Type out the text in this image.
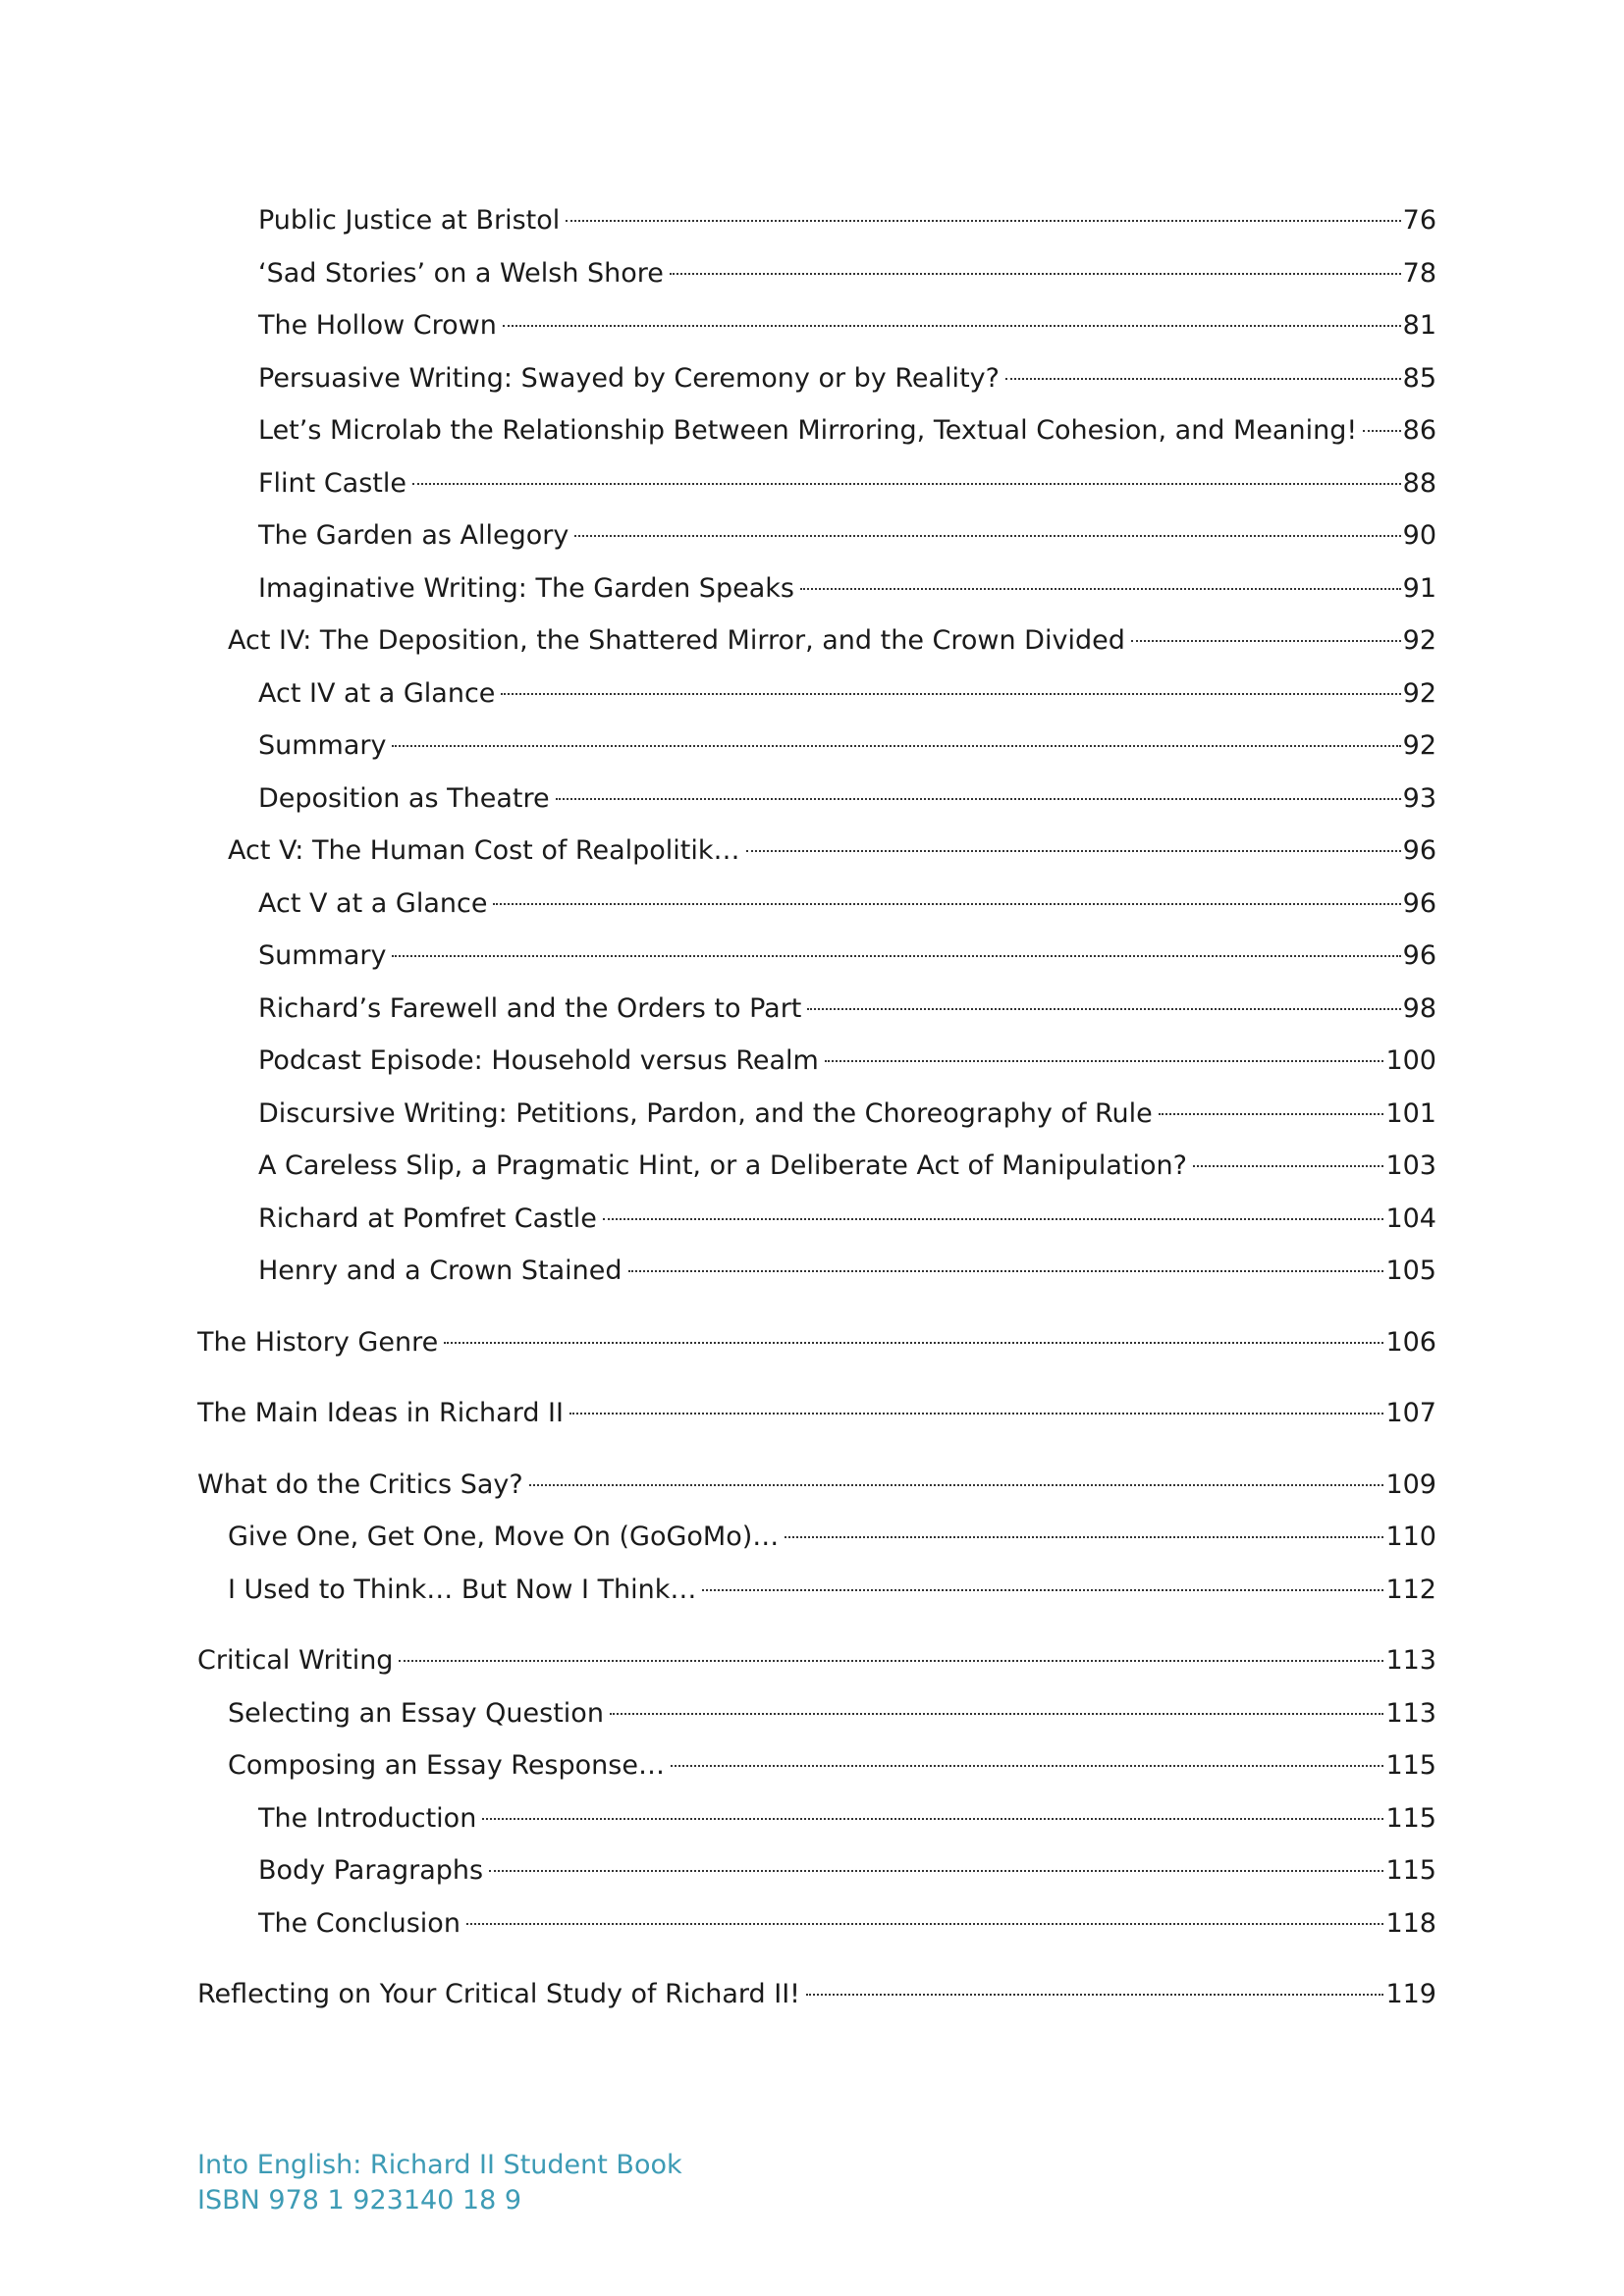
Public Justice at Bristol	76
‘Sad Stories’ on a Welsh Shore	78
The Hollow Crown	81
Persuasive Writing: Swayed by Ceremony or by Reality?	85
Let’s Microlab the Relationship Between Mirroring, Textual Cohesion, and Meaning! 86
Flint Castle	88
The Garden as Allegory	90
Imaginative Writing: The Garden Speaks	91
Act IV: The Deposition, the Shattered Mirror, and the Crown Divided	92
Act IV at a Glance	92
Summary	92
Deposition as Theatre	93
Act V: The Human Cost of Realpolitik…	96
Act V at a Glance	96
Summary	96
Richard’s Farewell and the Orders to Part	98
Podcast Episode: Household versus Realm	100
Discursive Writing: Petitions, Pardon, and the Choreography of Rule	101
A Careless Slip, a Pragmatic Hint, or a Deliberate Act of Manipulation?	103
Richard at Pomfret Castle	104
Henry and a Crown Stained	105
The History Genre	106
The Main Ideas in Richard II	107
What do the Critics Say?	109
Give One, Get One, Move On (GoGoMo)…	110
I Used to Think… But Now I Think…	112
Critical Writing	113
Selecting an Essay Question	113
Composing an Essay Response…	115
The Introduction	115
Body Paragraphs	115
The Conclusion	118
Reflecting on Your Critical Study of Richard II!	119
Into English: Richard II Student Book
ISBN 978 1 923140 18 9
